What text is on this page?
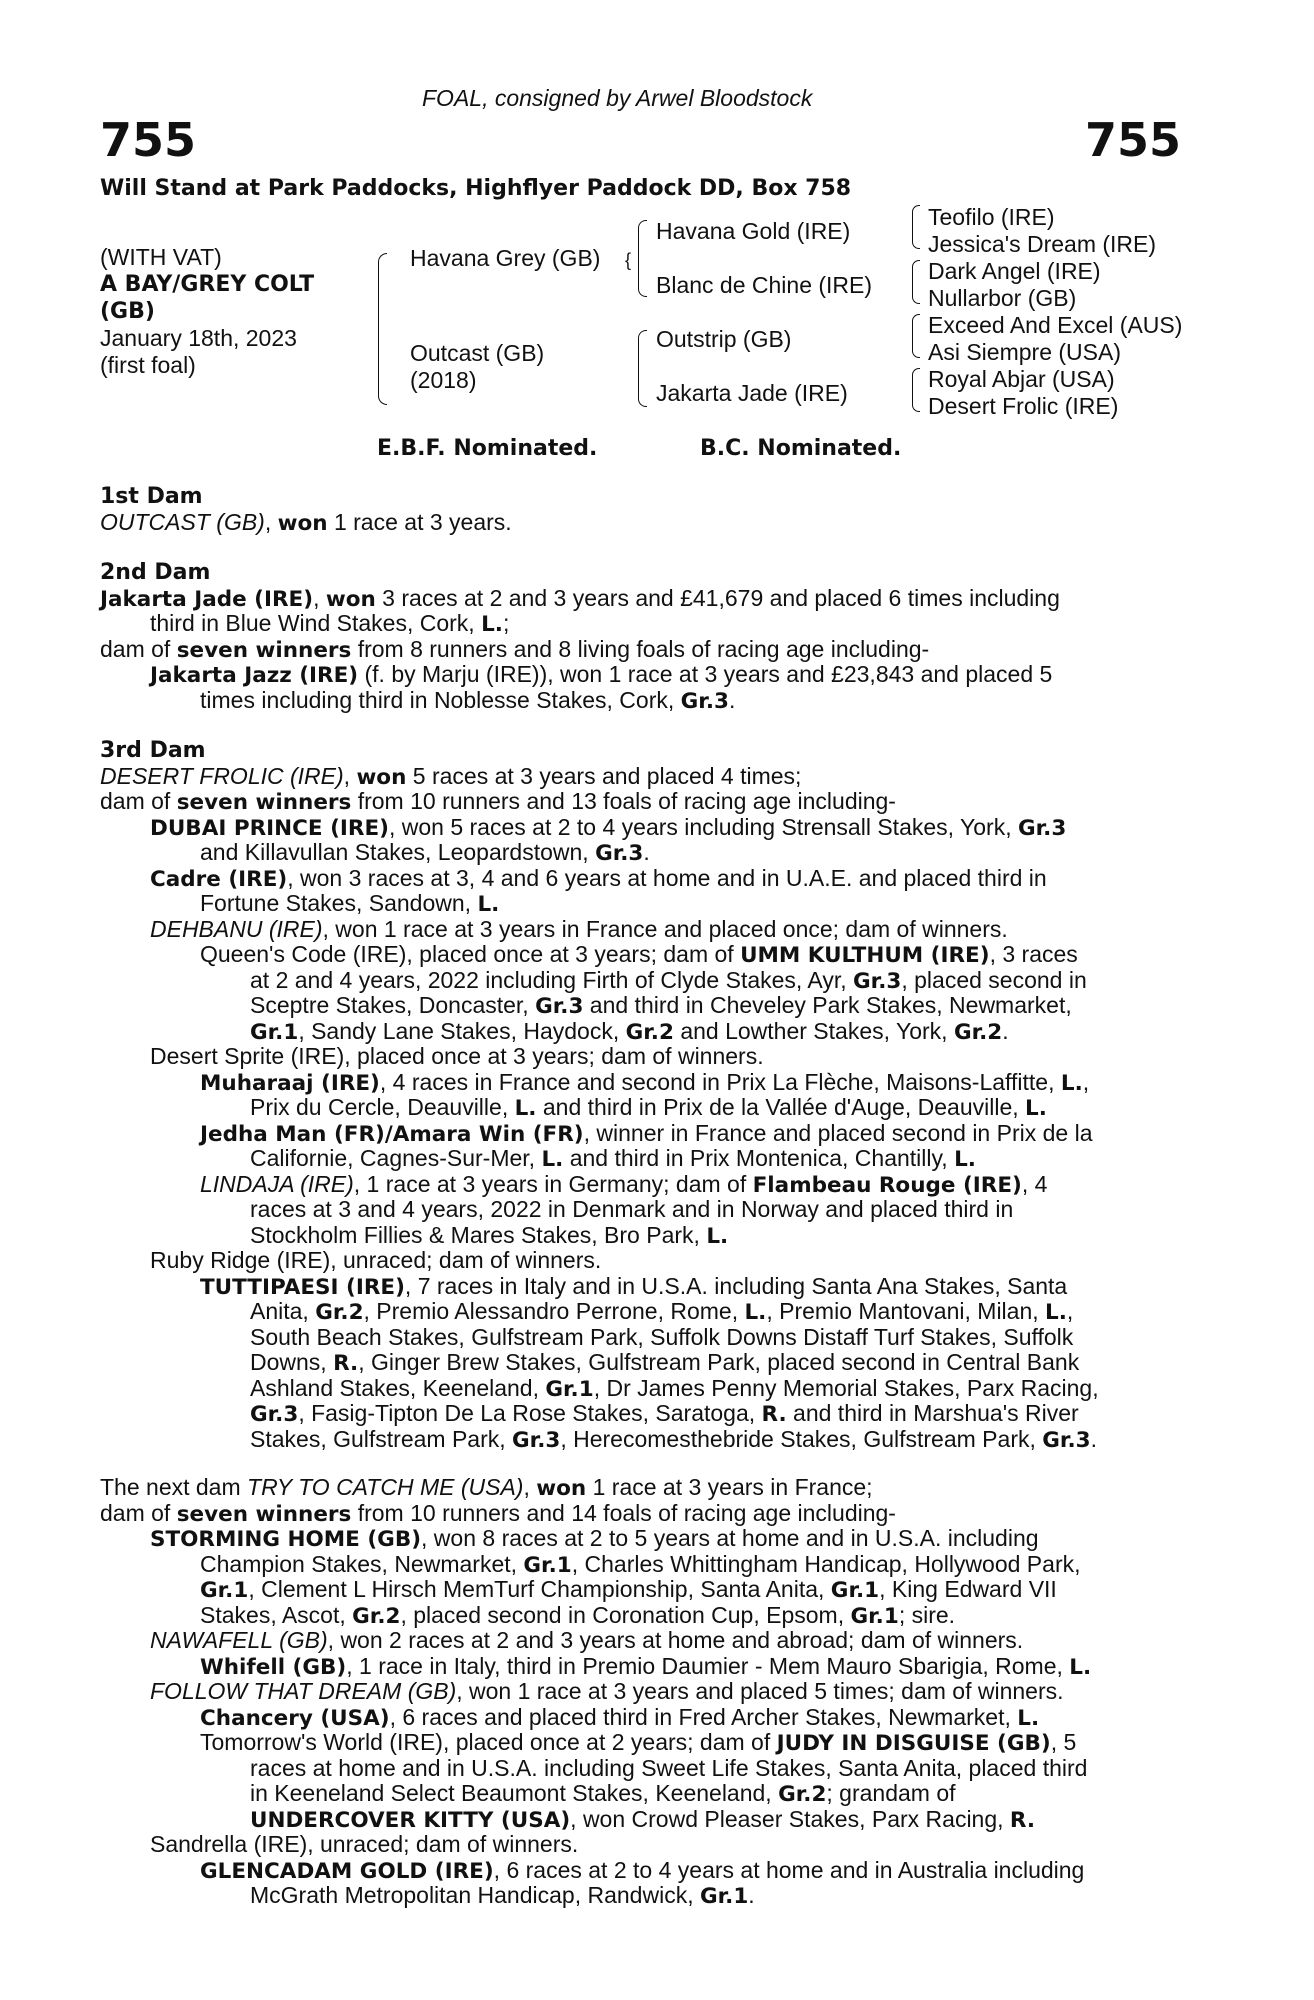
FOAL, consigned by Arwel Bloodstock
755	755
Will Stand at Park Paddocks, Highflyer Paddock DD, Box 758
(WITH VAT)
A BAY/GREY COLT
(GB)
January 18th, 2023
(first foal)
{
Havana Grey (GB)
Outcast (GB)
(2018)
Havana Gold (IRE)
Blanc de Chine (IRE)
Outstrip (GB)
Jakarta Jade (IRE)
Teofilo (IRE)
Jessica's Dream (IRE)
Dark Angel (IRE)
Nullarbor (GB)
Exceed And Excel (AUS)
Asi Siempre (USA)
Royal Abjar (USA)
Desert Frolic (IRE)
E.B.F. Nominated.	B.C. Nominated.
1st Dam
OUTCAST (GB), won 1 race at 3 years.
2nd Dam
Jakarta Jade (IRE), won 3 races at 2 and 3 years and £41,679 and placed 6 times including
third in Blue Wind Stakes, Cork, L.;
dam of seven winners from 8 runners and 8 living foals of racing age including-
Jakarta Jazz (IRE) (f. by Marju (IRE)), won 1 race at 3 years and £23,843 and placed 5
times including third in Noblesse Stakes, Cork, Gr.3.
3rd Dam
DESERT FROLIC (IRE), won 5 races at 3 years and placed 4 times;
dam of seven winners from 10 runners and 13 foals of racing age including-
DUBAI PRINCE (IRE), won 5 races at 2 to 4 years including Strensall Stakes, York, Gr.3
and Killavullan Stakes, Leopardstown, Gr.3.
Cadre (IRE), won 3 races at 3, 4 and 6 years at home and in U.A.E. and placed third in
Fortune Stakes, Sandown, L.
DEHBANU (IRE), won 1 race at 3 years in France and placed once; dam of winners.
Queen's Code (IRE), placed once at 3 years; dam of UMM KULTHUM (IRE), 3 races
at 2 and 4 years, 2022 including Firth of Clyde Stakes, Ayr, Gr.3, placed second in
Sceptre Stakes, Doncaster, Gr.3 and third in Cheveley Park Stakes, Newmarket,
Gr.1, Sandy Lane Stakes, Haydock, Gr.2 and Lowther Stakes, York, Gr.2.
Desert Sprite (IRE), placed once at 3 years; dam of winners.
Muharaaj (IRE), 4 races in France and second in Prix La Flèche, Maisons-Laffitte, L.,
Prix du Cercle, Deauville, L. and third in Prix de la Vallée d'Auge, Deauville, L.
Jedha Man (FR)/Amara Win (FR), winner in France and placed second in Prix de la
Californie, Cagnes-Sur-Mer, L. and third in Prix Montenica, Chantilly, L.
LINDAJA (IRE), 1 race at 3 years in Germany; dam of Flambeau Rouge (IRE), 4
races at 3 and 4 years, 2022 in Denmark and in Norway and placed third in
Stockholm Fillies & Mares Stakes, Bro Park, L.
Ruby Ridge (IRE), unraced; dam of winners.
TUTTIPAESI (IRE), 7 races in Italy and in U.S.A. including Santa Ana Stakes, Santa
Anita, Gr.2, Premio Alessandro Perrone, Rome, L., Premio Mantovani, Milan, L.,
South Beach Stakes, Gulfstream Park, Suffolk Downs Distaff Turf Stakes, Suffolk
Downs, R., Ginger Brew Stakes, Gulfstream Park, placed second in Central Bank
Ashland Stakes, Keeneland, Gr.1, Dr James Penny Memorial Stakes, Parx Racing,
Gr.3, Fasig-Tipton De La Rose Stakes, Saratoga, R. and third in Marshua's River
Stakes, Gulfstream Park, Gr.3, Herecomesthebride Stakes, Gulfstream Park, Gr.3.
The next dam TRY TO CATCH ME (USA), won 1 race at 3 years in France;
dam of seven winners from 10 runners and 14 foals of racing age including-
STORMING HOME (GB), won 8 races at 2 to 5 years at home and in U.S.A. including
Champion Stakes, Newmarket, Gr.1, Charles Whittingham Handicap, Hollywood Park,
Gr.1, Clement L Hirsch MemTurf Championship, Santa Anita, Gr.1, King Edward VII
Stakes, Ascot, Gr.2, placed second in Coronation Cup, Epsom, Gr.1; sire.
NAWAFELL (GB), won 2 races at 2 and 3 years at home and abroad; dam of winners.
Whifell (GB), 1 race in Italy, third in Premio Daumier - Mem Mauro Sbarigia, Rome, L.
FOLLOW THAT DREAM (GB), won 1 race at 3 years and placed 5 times; dam of winners.
Chancery (USA), 6 races and placed third in Fred Archer Stakes, Newmarket, L.
Tomorrow's World (IRE), placed once at 2 years; dam of JUDY IN DISGUISE (GB), 5
races at home and in U.S.A. including Sweet Life Stakes, Santa Anita, placed third
in Keeneland Select Beaumont Stakes, Keeneland, Gr.2; grandam of
UNDERCOVER KITTY (USA), won Crowd Pleaser Stakes, Parx Racing, R.
Sandrella (IRE), unraced; dam of winners.
GLENCADAM GOLD (IRE), 6 races at 2 to 4 years at home and in Australia including
McGrath Metropolitan Handicap, Randwick, Gr.1.
